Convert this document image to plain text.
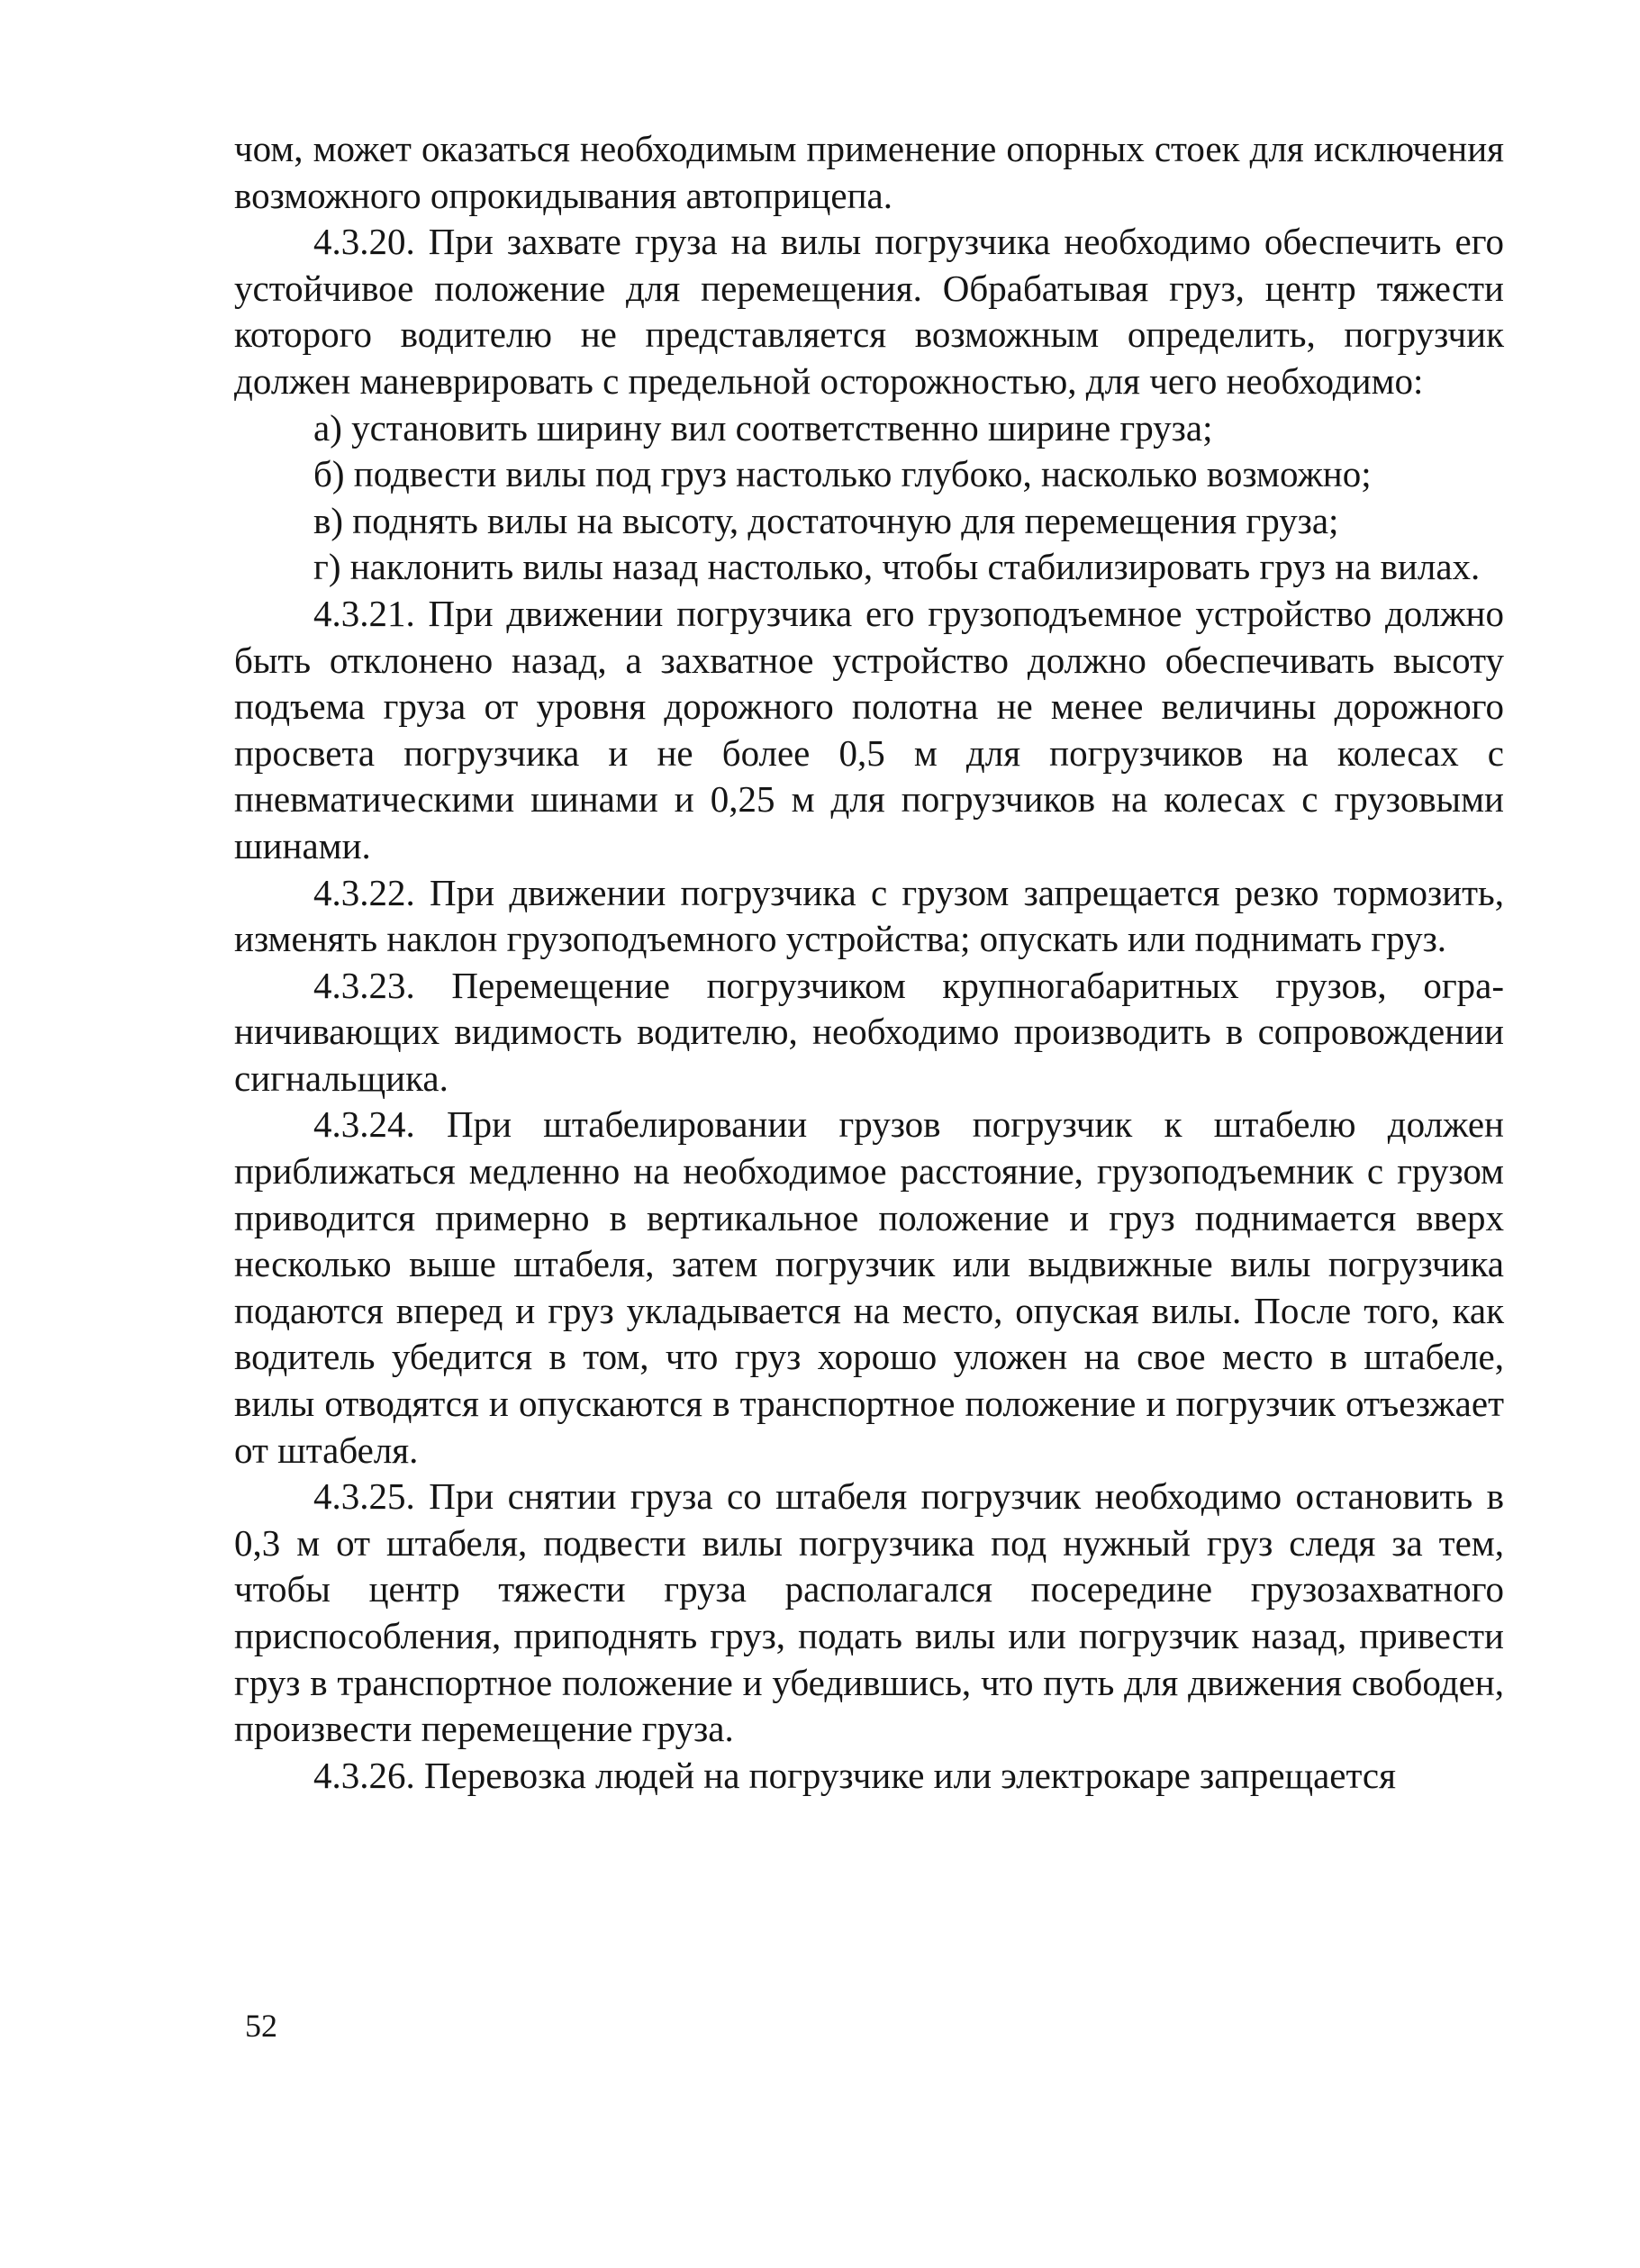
чом, может оказаться необходимым применение опорных стоек для исключения возможного опрокидывания автоприцепа.

4.3.20. При захвате груза на вилы погрузчика необходимо обеспечить его устойчивое положение для перемещения. Обрабатывая груз, центр тяжести которого водителю не представляется возможным определить, погрузчик должен маневрировать с предельной осторожностью, для чего необходимо:

а) установить ширину вил соответственно ширине груза;

б) подвести вилы под груз настолько глубоко, насколько возможно;

в) поднять вилы на высоту, достаточную для перемещения груза;

г) наклонить вилы назад настолько, чтобы стабилизировать груз на вилах.

4.3.21. При движении погрузчика его грузоподъемное устройство должно быть отклонено назад, а захватное устройство должно обеспечивать высоту подъема груза от уровня дорожного полотна не менее величины дорожного просвета погрузчика и не более 0,5 м для погрузчиков на колесах с пневматическими шинами и 0,25 м для погрузчиков на колесах с грузовыми шинами.

4.3.22. При движении погрузчика с грузом запрещается резко тормозить, изменять наклон грузоподъемного устройства; опускать или поднимать груз.

4.3.23. Перемещение погрузчиком крупногабаритных грузов, ограничивающих видимость водителю, необходимо производить в сопровождении сигнальщика.

4.3.24. При штабелировании грузов погрузчик к штабелю должен приближаться медленно на необходимое расстояние, грузоподъемник с грузом приводится примерно в вертикальное положение и груз поднимается вверх несколько выше штабеля, затем погрузчик или выдвижные вилы погрузчика подаются вперед и груз укладывается на место, опуская вилы. После того, как водитель убедится в том, что груз хорошо уложен на свое место в штабеле, вилы отводятся и опускаются в транспортное положение и погрузчик отъезжает от штабеля.

4.3.25. При снятии груза со штабеля погрузчик необходимо остановить в 0,3 м от штабеля, подвести вилы погрузчика под нужный груз следя за тем, чтобы центр тяжести груза располагался посередине грузозахватного приспособления, приподнять груз, подать вилы или погрузчик назад, привести груз в транспортное положение и убедившись, что путь для движения свободен, произвести перемещение груза.

4.3.26. Перевозка людей на погрузчике или электрокаре запрещается

52
